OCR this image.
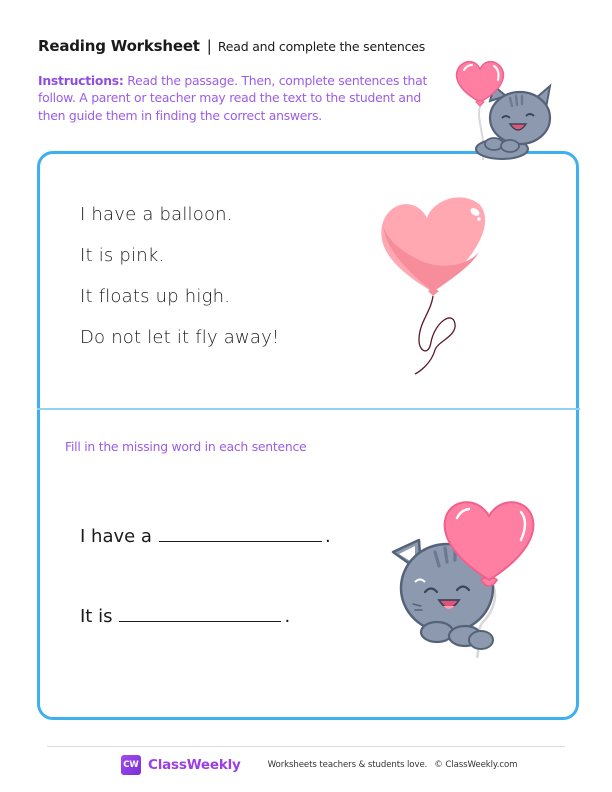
Reading Worksheet | Read and complete the sentences
Instructions: Read the passage. Then, complete sentences that follow. A parent or teacher may read the text to the student and then guide them in finding the correct answers.
I have a balloon.
It is pink.
It floats up high.
Do not let it fly away!
Fill in the missing word in each sentence
I have a	.
It is	.
CW ClassWeekly	Worksheets teachers & students love. © ClassWeekly.com
